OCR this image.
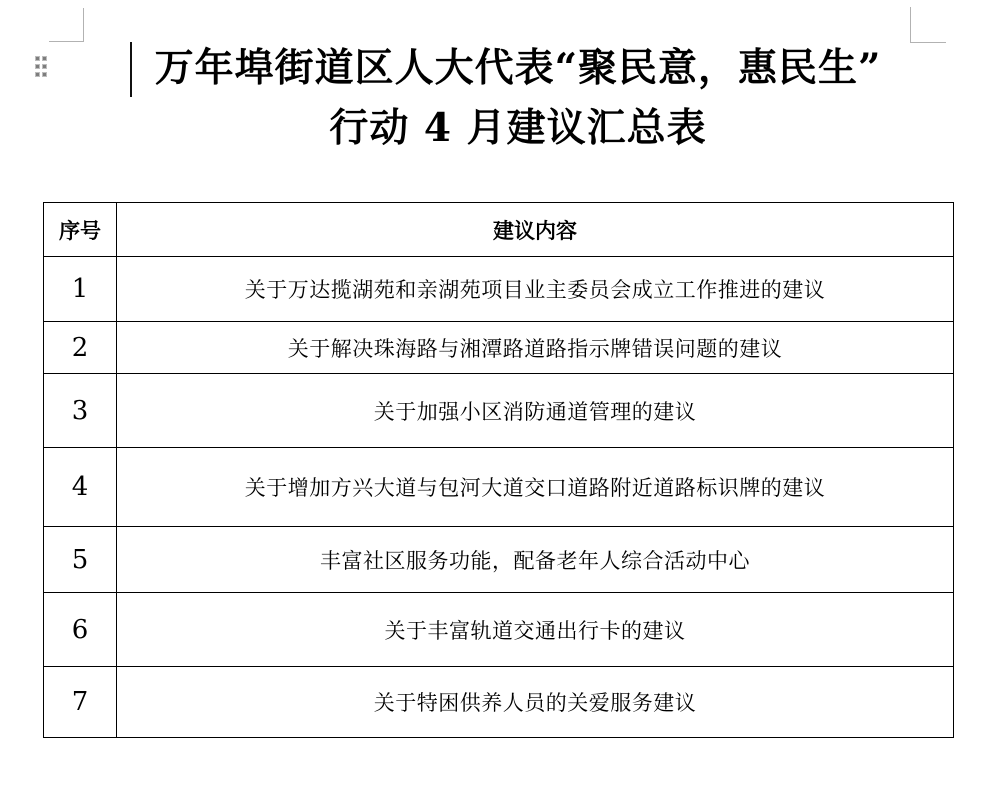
万年埠街道区人大代表“聚民意，惠民生”
行动 4 月建议汇总表
序号	建议内容
1	关于万达揽湖苑和亲湖苑项目业主委员会成立工作推进的建议
2	关于解决珠海路与湘潭路道路指示牌错误问题的建议
3	关于加强小区消防通道管理的建议
4	关于增加方兴大道与包河大道交口道路附近道路标识牌的建议
5	丰富社区服务功能，配备老年人综合活动中心
6	关于丰富轨道交通出行卡的建议
7	关于特困供养人员的关爱服务建议
